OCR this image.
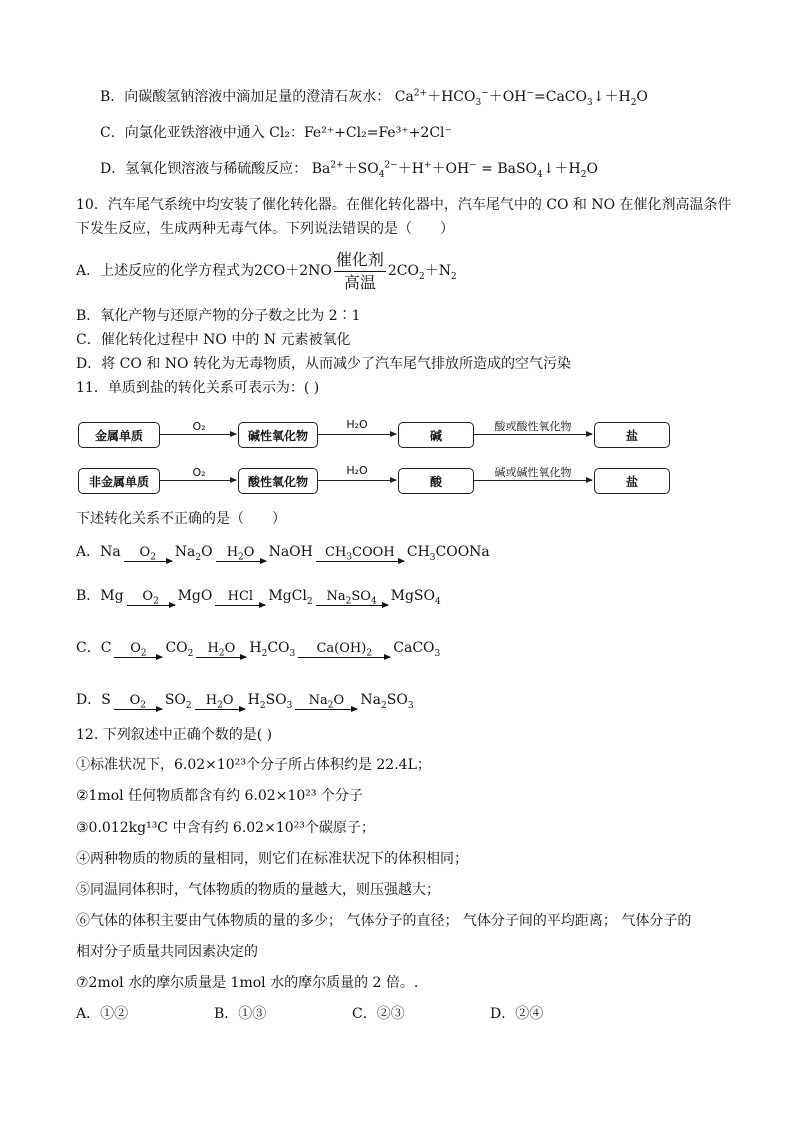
B．向碳酸氢钠溶液中滴加足量的澄清石灰水： $Ca^{2+}+HCO_3^-+OH^-=CaCO_3↓+H_2O$
C．向氯化亚铁溶液中通入 Cl₂：Fe²⁺+Cl₂=Fe³⁺+2Cl⁻
D．氢氧化钡溶液与稀硫酸反应： $Ba^{2+}+SO_4^{2-}+H^++OH^-$ = $BaSO_4↓+H_2O$
10．汽车尾气系统中均安装了催化转化器。在催化转化器中，汽车尾气中的 CO 和 NO 在催化剂高温条件
下发生反应，生成两种无毒气体。下列说法错误的是（　　）
A．上述反应的化学方程式为$2CO+2NO \frac{\text{催化剂}}{\text{高温}} 2CO_2+N_2$
B．氧化产物与还原产物的分子数之比为 2∶1
C．催化转化过程中 NO 中的 N 元素被氧化
D．将 CO 和 NO 转化为无毒物质，从而减少了汽车尾气排放所造成的空气污染
11．单质到盐的转化关系可表示为：( )
金属单质
O₂
碱性氧化物
H₂O
碱
酸或酸性氧化物
盐
非金属单质
O₂
酸性氧化物
H₂O
酸
碱或碱性氧化物
盐
下述转化关系不正确的是（　　）
A．Na	$O_2$	$Na_2O$	$H_2O$	NaOH $CH_3COOH$ $CH_3COONa$
B．Mg	$O_2$	MgO	HCl	MgCl$_2$	$Na_2SO_4$ MgSO$_4$
C．C	$O_2$	$CO_2$	$H_2O$	$H_2CO_3$	$Ca(OH)_2$	CaCO$_3$
D．S	$O_2$	$SO_2$	$H_2O$	$H_2SO_3$	$Na_2O$	$Na_2SO_3$
12. 下列叙述中正确个数的是( )
①标准状况下，6.02×10²³个分子所占体积约是 22.4L；
②1mol 任何物质都含有约 6.02×10²³ 个分子
③0.012kg¹³C 中含有约 6.02×10²³个碳原子；
④两种物质的物质的量相同，则它们在标准状况下的体积相同；
⑤同温同体积时，气体物质的物质的量越大，则压强越大；
⑥气体的体积主要由气体物质的量的多少； 气体分子的直径； 气体分子间的平均距离； 气体分子的
相对分子质量共同因素决定的
⑦2mol 水的摩尔质量是 1mol 水的摩尔质量的 2 倍。.
A．①②	B．①③	C．②③	D．②④
